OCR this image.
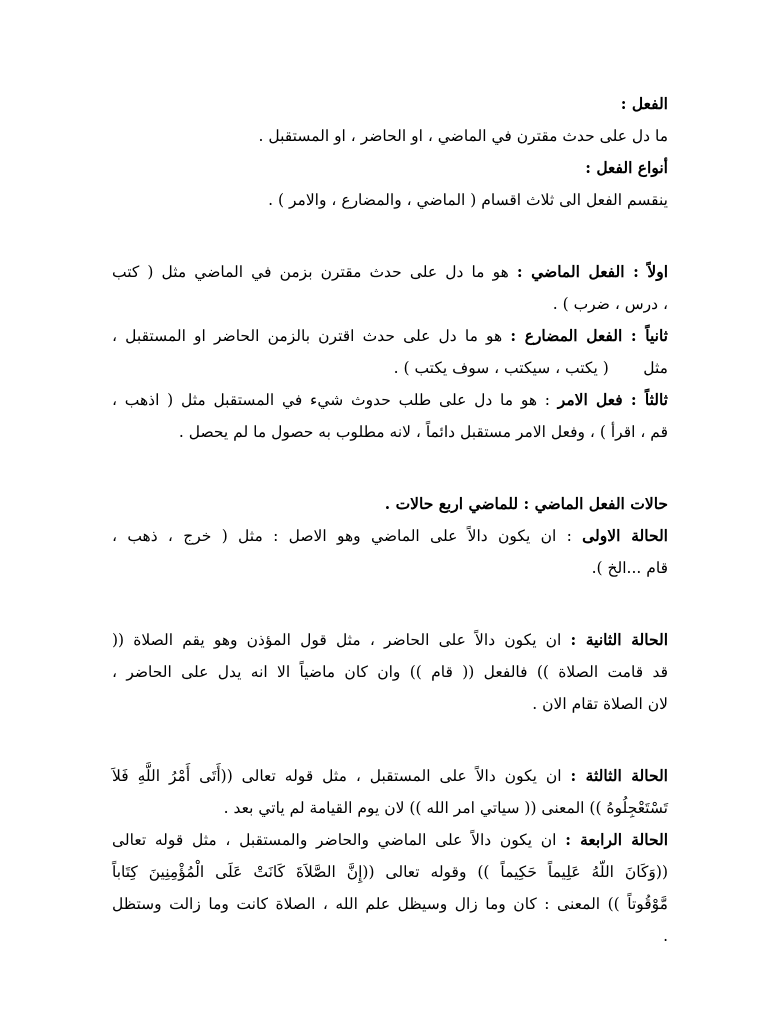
الفعل :
ما دل على حدث مقترن في الماضي ، او الحاضر ، او المستقبل .
أنواع الفعل :
ينقسم الفعل الى ثلاث اقسام ( الماضي ، والمضارع ، والامر ) .
اولاً : الفعل الماضي : هو ما دل على حدث مقترن بزمن في الماضي مثل ( كتب
، درس ، ضرب ) .
ثانياً : الفعل المضارع : هو ما دل على حدث اقترن بالزمن الحاضر او المستقبل ،
مثل       ( يكتب ، سيكتب ، سوف يكتب ) .
ثالثاً : فعل الامر : هو ما دل على طلب حدوث شيء في المستقبل مثل ( اذهب ،
قم ، اقرأ ) ، وفعل الامر مستقبل دائماً ، لانه مطلوب به حصول ما لم يحصل .
حالات الفعل الماضي : للماضي اربع حالات .
الحالة الاولى : ان يكون دالاً على الماضي وهو الاصل : مثل ( خرج ، ذهب ،
قام ...الخ ).
الحالة الثانية : ان يكون دالاً على الحاضر ، مثل قول المؤذن وهو يقم الصلاة ((
قد قامت الصلاة )) فالفعل (( قام )) وان كان ماضياً الا انه يدل على الحاضر ،
لان الصلاة تقام الان .
الحالة الثالثة : ان يكون دالاً على المستقبل ، مثل قوله تعالى ((أَتَى أَمْرُ اللَّهِ فَلاَ
تَسْتَعْجِلُوهُ )) المعنى (( سياتي امر الله )) لان يوم القيامة لم ياتي بعد .
الحالة الرابعة : ان يكون دالاً على الماضي والحاضر والمستقبل ، مثل قوله تعالى
((وَكَانَ اللّهُ عَلِيماً حَكِيماً )) وقوله تعالى ((إِنَّ الصَّلاَةَ كَانَتْ عَلَى الْمُؤْمِنِينَ كِتَاباً
مَّوْقُوتاً )) المعنى : كان وما زال وسيظل علم الله ، الصلاة كانت وما زالت وستظل
.
